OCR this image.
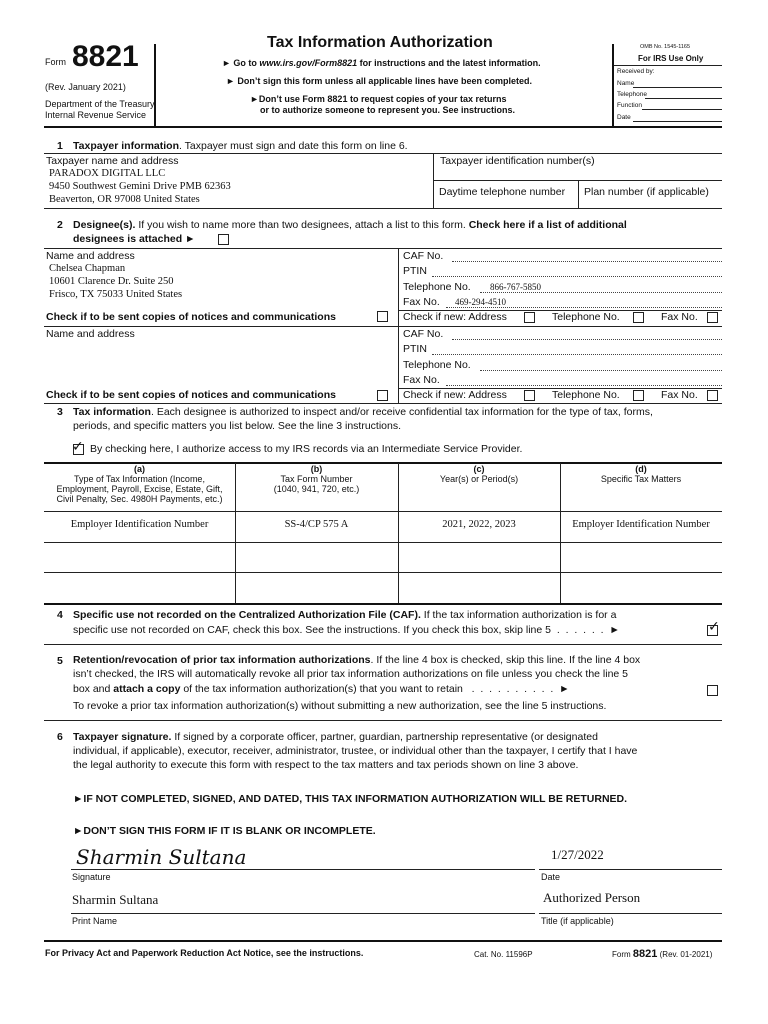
Form 8821
(Rev. January 2021)
Department of the Treasury
Internal Revenue Service
Tax Information Authorization
► Go to www.irs.gov/Form8821 for instructions and the latest information.
► Don’t sign this form unless all applicable lines have been completed.
►Don’t use Form 8821 to request copies of your tax returns
or to authorize someone to represent you. See instructions.
OMB No. 1545-1165
For IRS Use Only
Received by:
Name
Telephone
Function
Date
1 Taxpayer information. Taxpayer must sign and date this form on line 6.
Taxpayer name and address
PARADOX DIGITAL LLC
9450 Southwest Gemini Drive PMB 62363
Beaverton, OR 97008 United States
Taxpayer identification number(s)
Daytime telephone number Plan number (if applicable)
2 Designee(s). If you wish to name more than two designees, attach a list to this form. Check here if a list of additional
designees is attached ►
Name and address
Chelsea Chapman
10601 Clarence Dr. Suite 250
Frisco, TX 75033 United States
CAF No.
PTIN
Telephone No. 866-767-5850
Fax No. 469-294-4510
Check if to be sent copies of notices and communications	Check if new: Address	Telephone No.	Fax No.
Name and address	CAF No.
PTIN
Telephone No.
Fax No.
Check if to be sent copies of notices and communications	Check if new: Address	Telephone No.	Fax No.
3 Tax information. Each designee is authorized to inspect and/or receive confidential tax information for the type of tax, forms,
periods, and specific matters you list below. See the line 3 instructions.
✓ By checking here, I authorize access to my IRS records via an Intermediate Service Provider.
(a)
Type of Tax Information (Income,
Employment, Payroll, Excise, Estate, Gift,
Civil Penalty, Sec. 4980H Payments, etc.)
(b)
Tax Form Number
(1040, 941, 720, etc.)
(c)
Year(s) or Period(s)
(d)
Specific Tax Matters
Employer Identification Number	SS-4/CP 575 A	2021, 2022, 2023	Employer Identification Number
4 Specific use not recorded on the Centralized Authorization File (CAF). If the tax information authorization is for a
specific use not recorded on CAF, check this box. See the instructions. If you check this box, skip line 5  .  .  .  .  .  .  ►	✓
5 Retention/revocation of prior tax information authorizations. If the line 4 box is checked, skip this line. If the line 4 box
isn’t checked, the IRS will automatically revoke all prior tax information authorizations on file unless you check the line 5
box and attach a copy of the tax information authorization(s) that you want to retain   .  .  .  .  .  .  .  .  .  .  ►
To revoke a prior tax information authorization(s) without submitting a new authorization, see the line 5 instructions.
6 Taxpayer signature. If signed by a corporate officer, partner, guardian, partnership representative (or designated
individual, if applicable), executor, receiver, administrator, trustee, or individual other than the taxpayer, I certify that I have
the legal authority to execute this form with respect to the tax matters and tax periods shown on line 3 above.
►IF NOT COMPLETED, SIGNED, AND DATED, THIS TAX INFORMATION AUTHORIZATION WILL BE RETURNED.
►DON’T SIGN THIS FORM IF IT IS BLANK OR INCOMPLETE.
Sharmin Sultana
Signature
1/27/2022
Date
Sharmin Sultana
Print Name
Authorized Person
Title (if applicable)
For Privacy Act and Paperwork Reduction Act Notice, see the instructions.	Cat. No. 11596P	Form 8821 (Rev. 01-2021)
